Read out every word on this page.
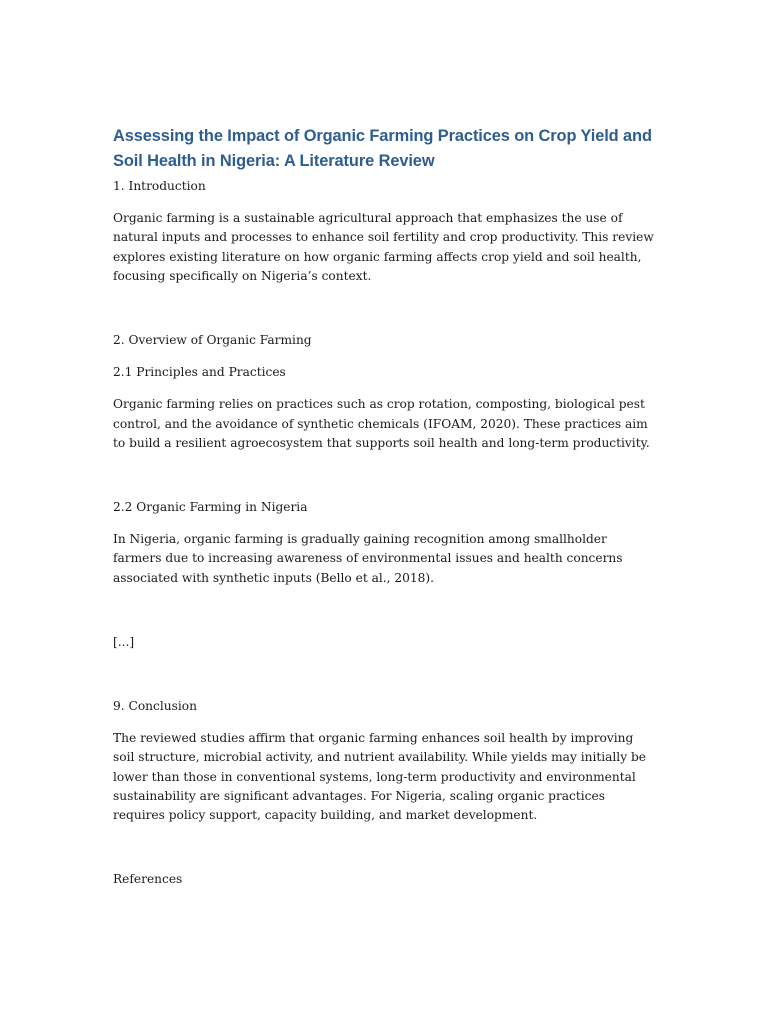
Assessing the Impact of Organic Farming Practices on Crop Yield and Soil Health in Nigeria: A Literature Review

1. Introduction

Organic farming is a sustainable agricultural approach that emphasizes the use of natural inputs and processes to enhance soil fertility and crop productivity. This review explores existing literature on how organic farming affects crop yield and soil health, focusing specifically on Nigeria’s context.

2. Overview of Organic Farming

2.1 Principles and Practices

Organic farming relies on practices such as crop rotation, composting, biological pest control, and the avoidance of synthetic chemicals (IFOAM, 2020). These practices aim to build a resilient agroecosystem that supports soil health and long-term productivity.

2.2 Organic Farming in Nigeria

In Nigeria, organic farming is gradually gaining recognition among smallholder farmers due to increasing awareness of environmental issues and health concerns associated with synthetic inputs (Bello et al., 2018).

[...]

9. Conclusion

The reviewed studies affirm that organic farming enhances soil health by improving soil structure, microbial activity, and nutrient availability. While yields may initially be lower than those in conventional systems, long-term productivity and environmental sustainability are significant advantages. For Nigeria, scaling organic practices requires policy support, capacity building, and market development.

References
